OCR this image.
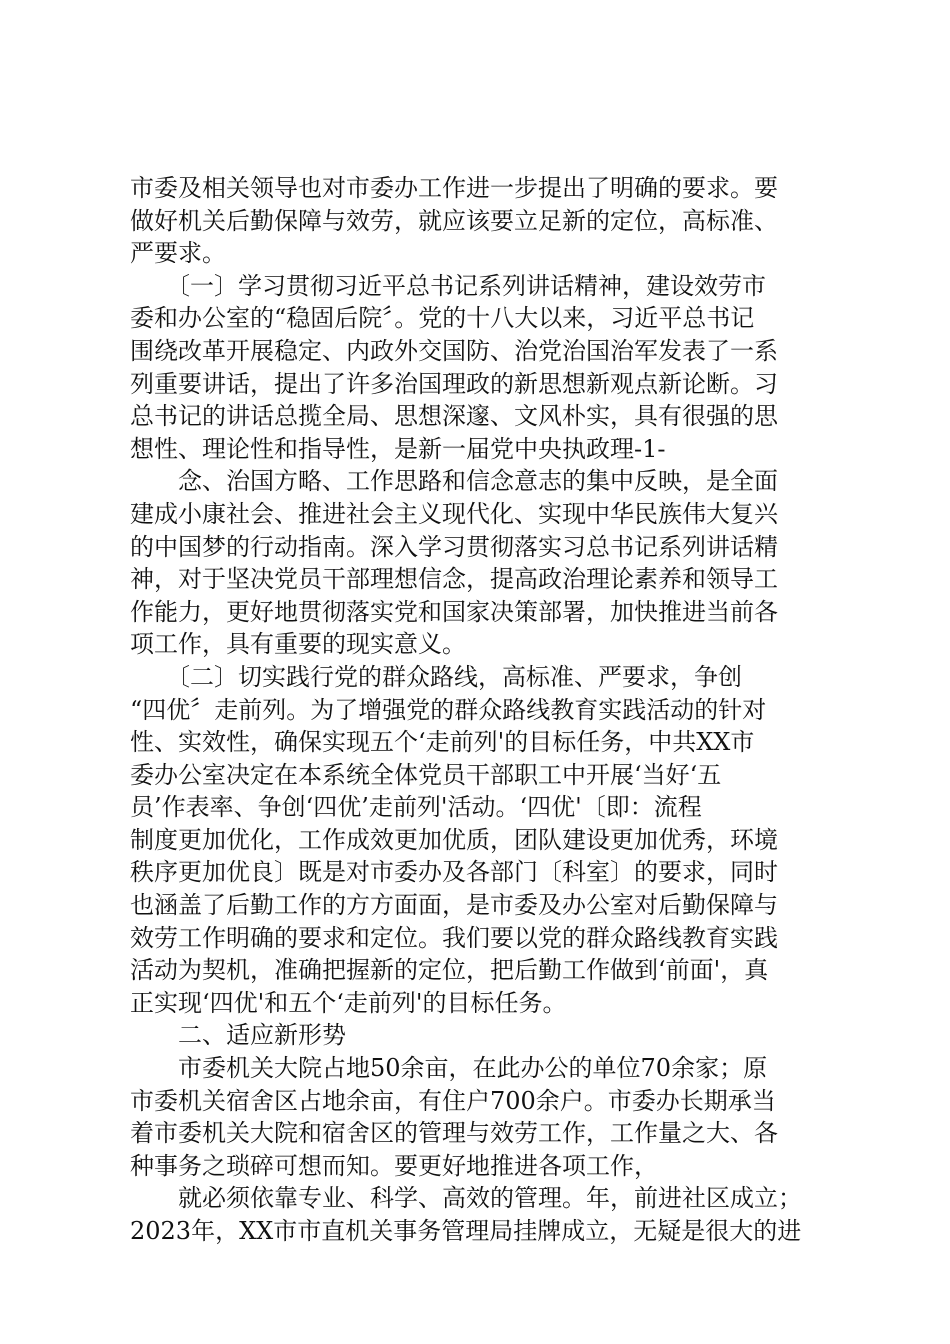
市委及相关领导也对市委办工作进一步提出了明确的要求。要
做好机关后勤保障与效劳，就应该要立足新的定位，高标准、
严要求。
　　〔一〕学习贯彻习近平总书记系列讲话精神，建设效劳市
委和办公室的“稳固后院〞。党的十八大以来，习近平总书记
围绕改革开展稳定、内政外交国防、治党治国治军发表了一系
列重要讲话，提出了许多治国理政的新思想新观点新论断。习
总书记的讲话总揽全局、思想深邃、文风朴实，具有很强的思
想性、理论性和指导性，是新一届党中央执政理-1-
　　念、治国方略、工作思路和信念意志的集中反映，是全面
建成小康社会、推进社会主义现代化、实现中华民族伟大复兴
的中国梦的行动指南。深入学习贯彻落实习总书记系列讲话精
神，对于坚决党员干部理想信念，提高政治理论素养和领导工
作能力，更好地贯彻落实党和国家决策部署，加快推进当前各
项工作，具有重要的现实意义。
　　〔二〕切实践行党的群众路线，高标准、严要求，争创
“四优〞走前列。为了增强党的群众路线教育实践活动的针对
性、实效性，确保实现五个‘走前列'的目标任务，中共XX市
委办公室决定在本系统全体党员干部职工中开展‘当好‘五
员’作表率、争创‘四优’走前列'活动。‘四优'〔即：流程
制度更加优化，工作成效更加优质，团队建设更加优秀，环境
秩序更加优良〕既是对市委办及各部门〔科室〕的要求，同时
也涵盖了后勤工作的方方面面，是市委及办公室对后勤保障与
效劳工作明确的要求和定位。我们要以党的群众路线教育实践
活动为契机，准确把握新的定位，把后勤工作做到‘前面'，真
正实现‘四优'和五个‘走前列'的目标任务。
　　二、适应新形势
　　市委机关大院占地50余亩，在此办公的单位70余家；原
市委机关宿舍区占地余亩，有住户700余户。市委办长期承当
着市委机关大院和宿舍区的管理与效劳工作，工作量之大、各
种事务之琐碎可想而知。要更好地推进各项工作，
　　就必须依靠专业、科学、高效的管理。年，前进社区成立；
2023年，XX市市直机关事务管理局挂牌成立，无疑是很大的进
